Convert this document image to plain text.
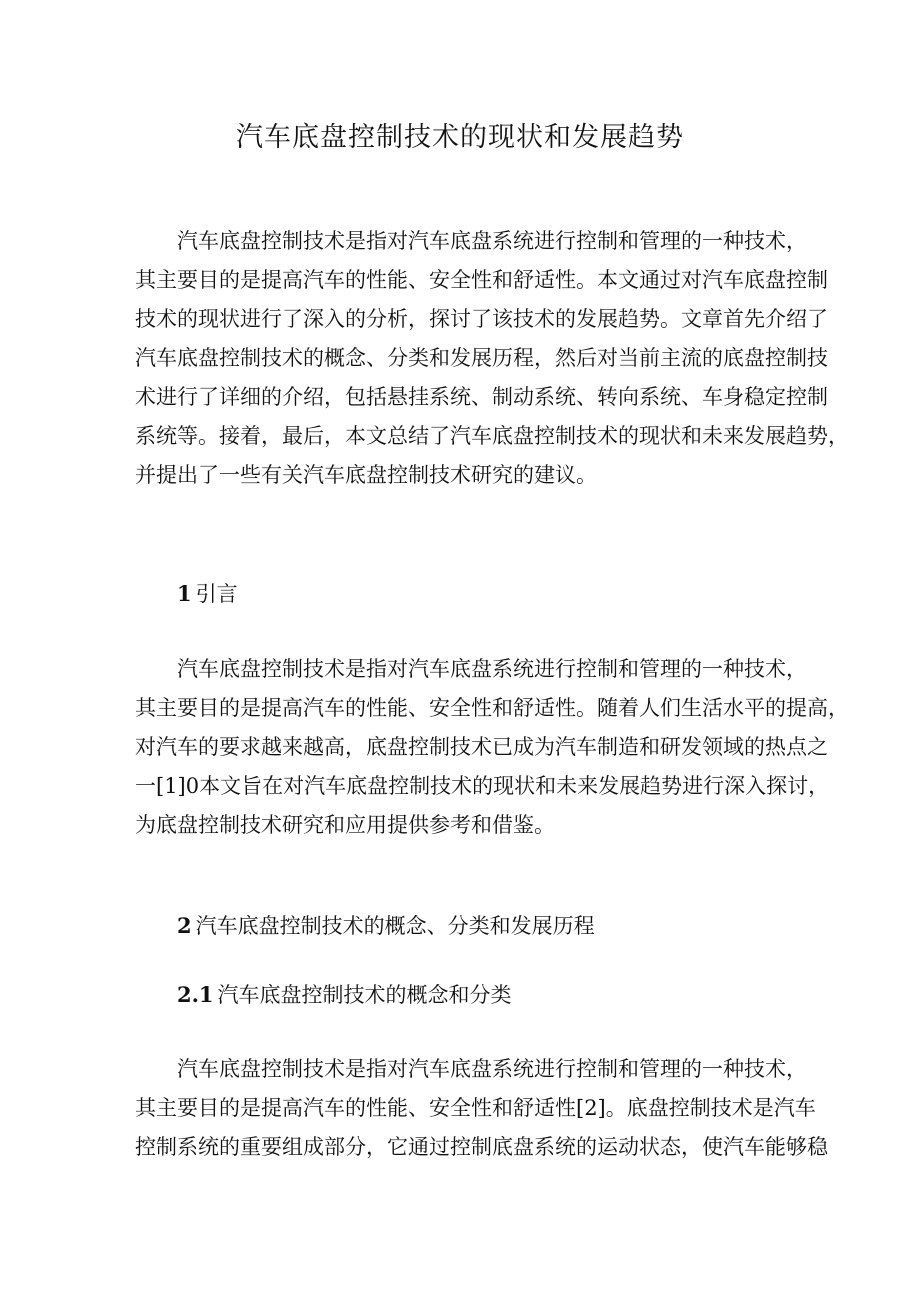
汽车底盘控制技术的现状和发展趋势

汽车底盘控制技术是指对汽车底盘系统进行控制和管理的一种技术，
其主要目的是提高汽车的性能、安全性和舒适性。本文通过对汽车底盘控制
技术的现状进行了深入的分析，探讨了该技术的发展趋势。文章首先介绍了
汽车底盘控制技术的概念、分类和发展历程，然后对当前主流的底盘控制技
术进行了详细的介绍，包括悬挂系统、制动系统、转向系统、车身稳定控制
系统等。接着，最后，本文总结了汽车底盘控制技术的现状和未来发展趋势，
并提出了一些有关汽车底盘控制技术研究的建议。

1 引言

汽车底盘控制技术是指对汽车底盘系统进行控制和管理的一种技术，
其主要目的是提高汽车的性能、安全性和舒适性。随着人们生活水平的提高，
对汽车的要求越来越高，底盘控制技术已成为汽车制造和研发领域的热点之
一[1]0本文旨在对汽车底盘控制技术的现状和未来发展趋势进行深入探讨，
为底盘控制技术研究和应用提供参考和借鉴。

2 汽车底盘控制技术的概念、分类和发展历程
2.1 汽车底盘控制技术的概念和分类

汽车底盘控制技术是指对汽车底盘系统进行控制和管理的一种技术，
其主要目的是提高汽车的性能、安全性和舒适性[2]。底盘控制技术是汽车
控制系统的重要组成部分，它通过控制底盘系统的运动状态，使汽车能够稳
